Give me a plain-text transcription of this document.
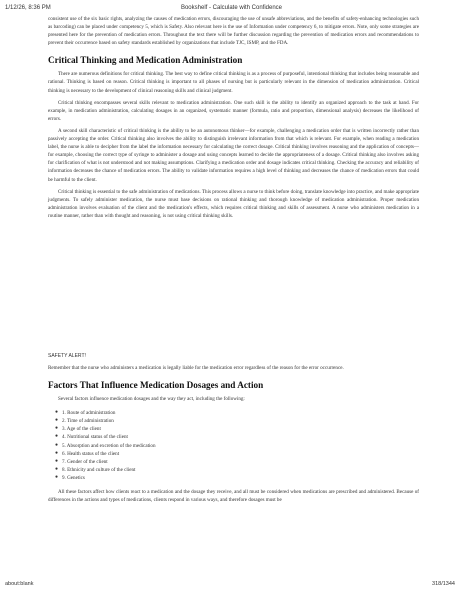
1/12/26, 8:36 PM	Bookshelf - Calculate with Confidence

consistent use of the six basic rights, analyzing the causes of medication errors, discouraging the use of unsafe abbreviations, and the benefits of safety-enhancing technologies such as barcoding) can be placed under competency 5, which is Safety. Also relevant here is the use of Information under competency 6, to mitigate errors. Note, only some strategies are presented here for the prevention of medication errors. Throughout the text there will be further discussion regarding the prevention of medication errors and recommendations to prevent their occurrence based on safety standards established by organizations that include TJC, ISMP, and the FDA.

Critical Thinking and Medication Administration

There are numerous definitions for critical thinking. The best way to define critical thinking is as a process of purposeful, intentional thinking that includes being reasonable and rational. Thinking is based on reason. Critical thinking is important to all phases of nursing but is particularly relevant in the dimension of medication administration. Critical thinking is necessary to the development of clinical reasoning skills and clinical judgment.

Critical thinking encompasses several skills relevant to medication administration. One such skill is the ability to identify an organized approach to the task at hand. For example, in medication administration, calculating dosages in an organized, systematic manner (formula, ratio and proportion, dimensional analysis) decreases the likelihood of errors.

A second skill characteristic of critical thinking is the ability to be an autonomous thinker—for example, challenging a medication order that is written incorrectly rather than passively accepting the order. Critical thinking also involves the ability to distinguish irrelevant information from that which is relevant. For example, when reading a medication label, the nurse is able to decipher from the label the information necessary for calculating the correct dosage. Critical thinking involves reasoning and the application of concepts—for example, choosing the correct type of syringe to administer a dosage and using concepts learned to decide the appropriateness of a dosage. Critical thinking also involves asking for clarification of what is not understood and not making assumptions. Clarifying a medication order and dosage indicates critical thinking. Checking the accuracy and reliability of information decreases the chance of medication errors. The ability to validate information requires a high level of thinking and decreases the chance of medication errors that could be harmful to the client.

Critical thinking is essential to the safe administration of medications. This process allows a nurse to think before doing, translate knowledge into practice, and make appropriate judgments. To safely administer medication, the nurse must base decisions on rational thinking and thorough knowledge of medication administration. Proper medication administration involves evaluation of the client and the medication's effects, which requires critical thinking and skills of assessment. A nurse who administers medication in a routine manner, rather than with thought and reasoning, is not using critical thinking skills.

SAFETY ALERT!

Remember that the nurse who administers a medication is legally liable for the medication error regardless of the reason for the error occurrence.

Factors That Influence Medication Dosages and Action

Several factors influence medication dosages and the way they act, including the following:

● 1. Route of administration
● 2. Time of administration
● 3. Age of the client
● 4. Nutritional status of the client
● 5. Absorption and excretion of the medication
● 6. Health status of the client
● 7. Gender of the client
● 8. Ethnicity and culture of the client
● 9. Genetics

All these factors affect how clients react to a medication and the dosage they receive, and all must be considered when medications are prescribed and administered. Because of differences in the actions and types of medications, clients respond in various ways, and therefore dosages must be

about:blank	318/1344
